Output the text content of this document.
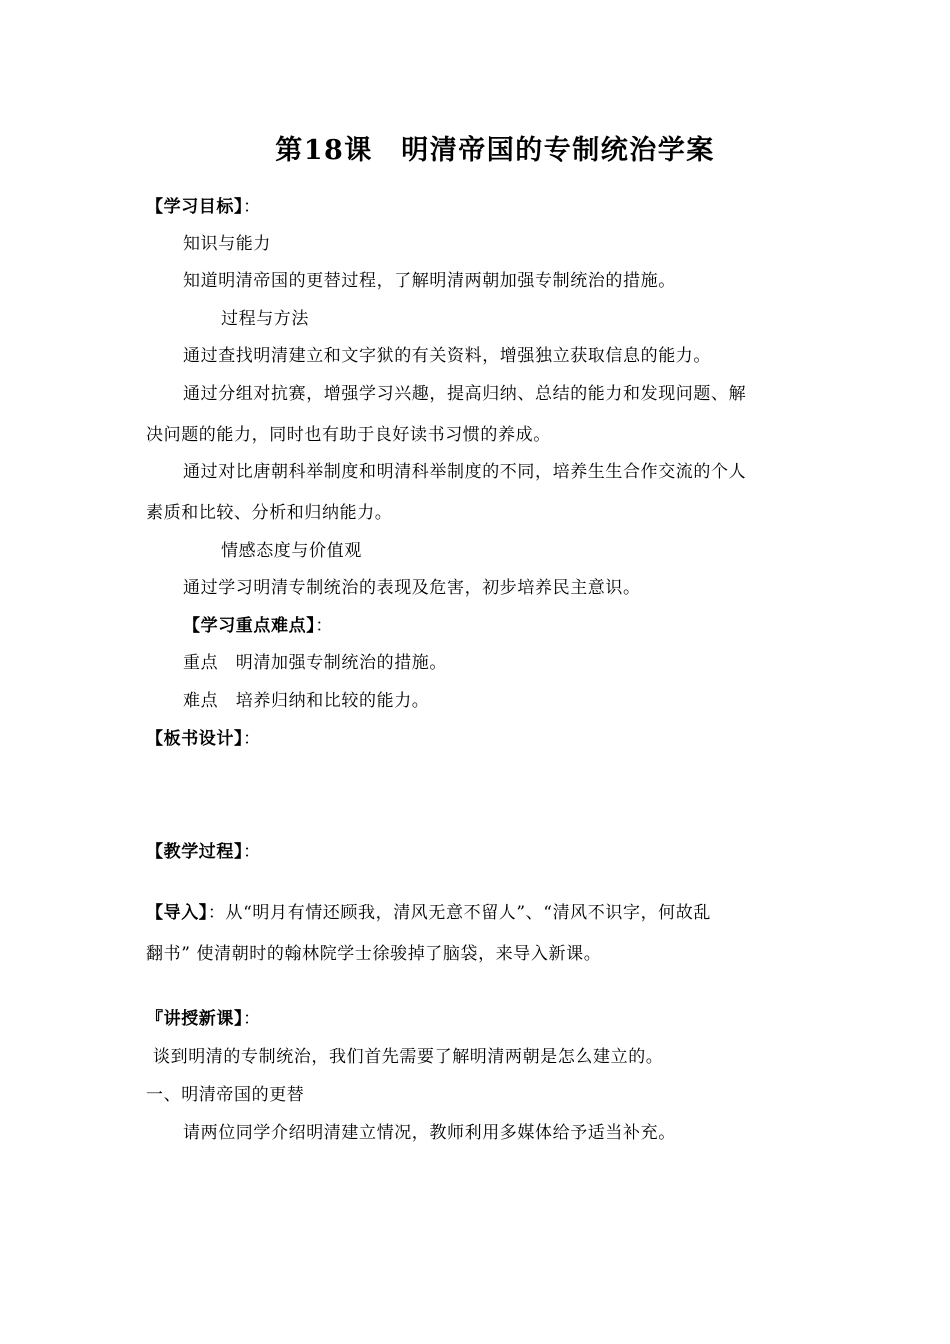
第18课　明清帝国的专制统治学案
【学习目标】：
知识与能力
知道明清帝国的更替过程，了解明清两朝加强专制统治的措施。
过程与方法
通过查找明清建立和文字狱的有关资料，增强独立获取信息的能力。
通过分组对抗赛，增强学习兴趣，提高归纳、总结的能力和发现问题、解
决问题的能力，同时也有助于良好读书习惯的养成。
通过对比唐朝科举制度和明清科举制度的不同，培养生生合作交流的个人
素质和比较、分析和归纳能力。
情感态度与价值观
通过学习明清专制统治的表现及危害，初步培养民主意识。
【学习重点难点】：
重点　明清加强专制统治的措施。
难点　培养归纳和比较的能力。
【板书设计】：
【教学过程】：
【导入】：从“明月有情还顾我，清风无意不留人”、“清风不识字，何故乱
翻书” 使清朝时的翰林院学士徐骏掉了脑袋，来导入新课。
『讲授新课】：
谈到明清的专制统治，我们首先需要了解明清两朝是怎么建立的。
一、明清帝国的更替
请两位同学介绍明清建立情况，教师利用多媒体给予适当补充。
